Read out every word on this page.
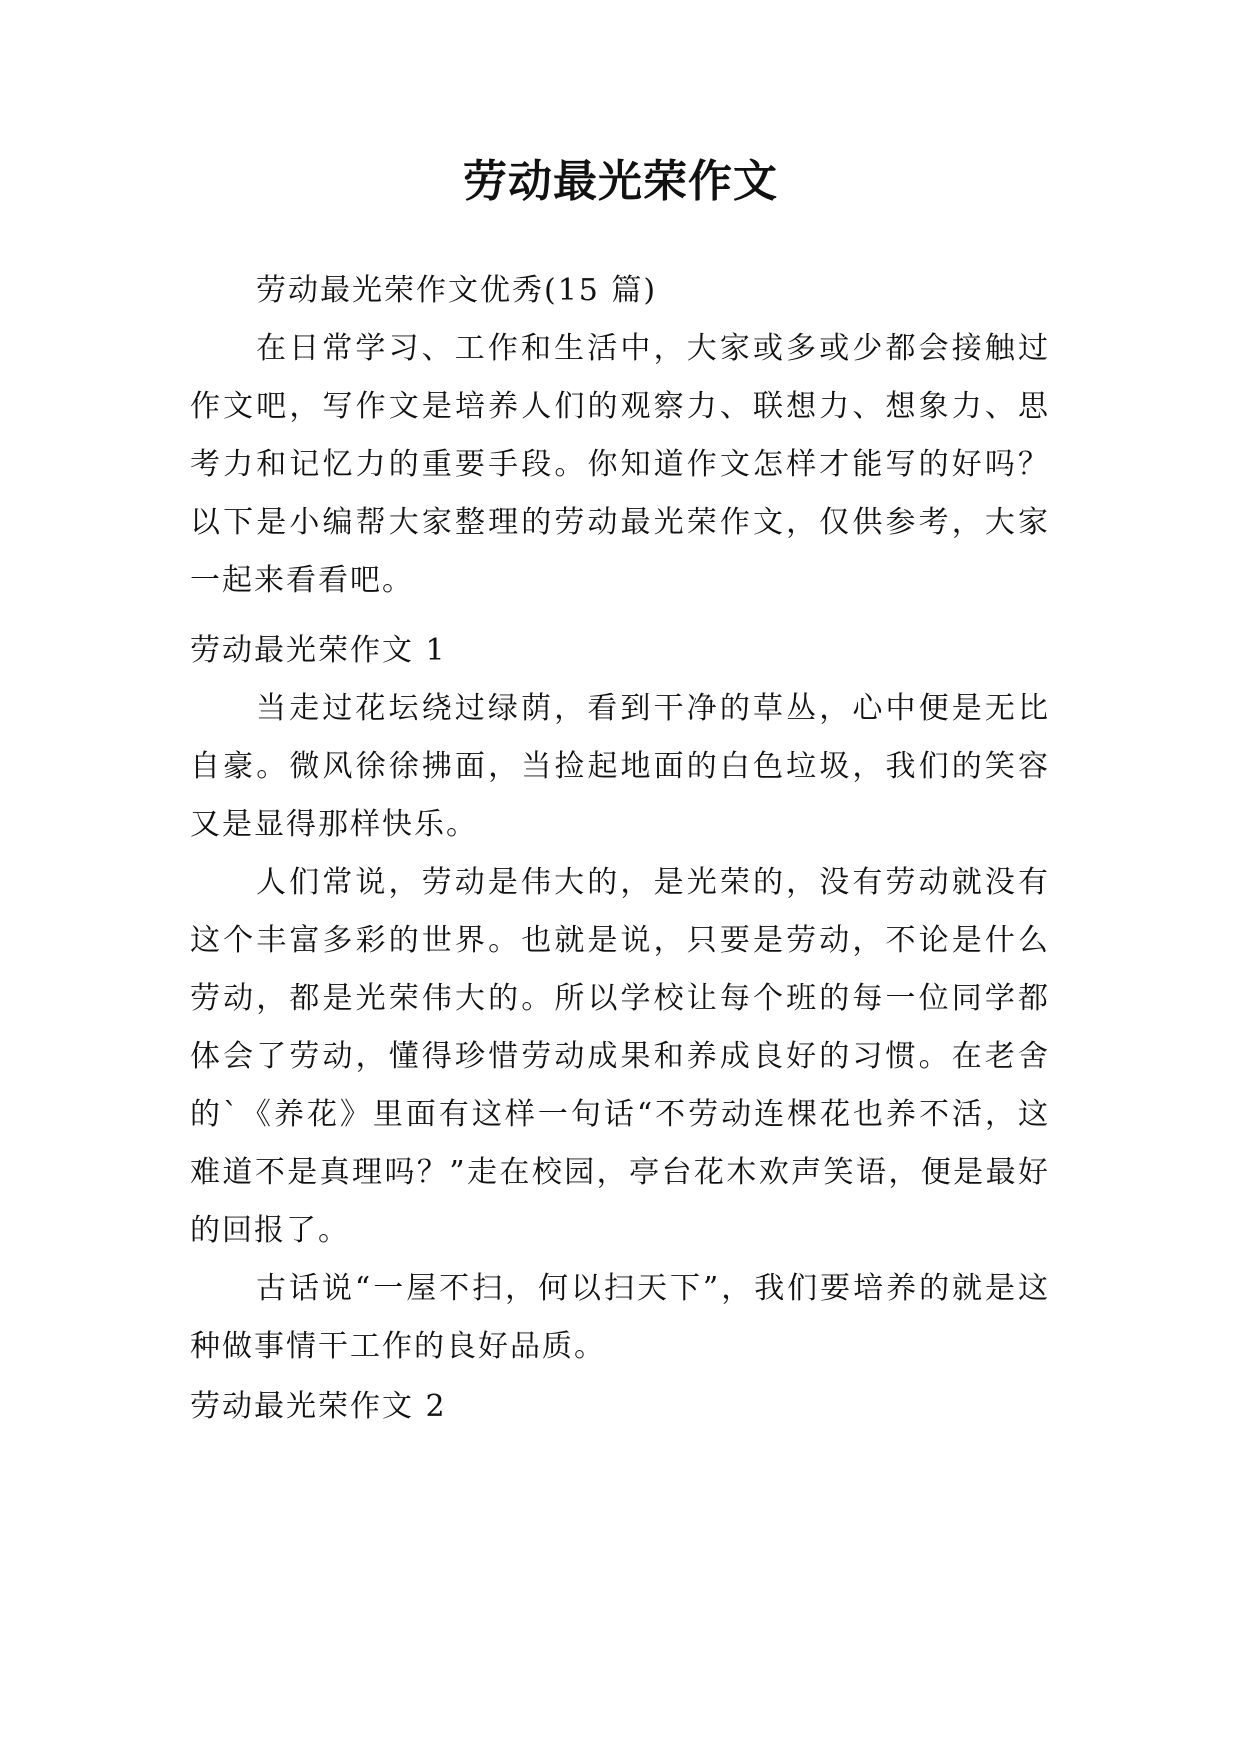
劳动最光荣作文

劳动最光荣作文优秀(15 篇)

在日常学习、工作和生活中，大家或多或少都会接触过作文吧，写作文是培养人们的观察力、联想力、想象力、思考力和记忆力的重要手段。你知道作文怎样才能写的好吗？以下是小编帮大家整理的劳动最光荣作文，仅供参考，大家一起来看看吧。

劳动最光荣作文 1

当走过花坛绕过绿荫，看到干净的草丛，心中便是无比自豪。微风徐徐拂面，当捡起地面的白色垃圾，我们的笑容又是显得那样快乐。

人们常说，劳动是伟大的，是光荣的，没有劳动就没有这个丰富多彩的世界。也就是说，只要是劳动，不论是什么劳动，都是光荣伟大的。所以学校让每个班的每一位同学都体会了劳动，懂得珍惜劳动成果和养成良好的习惯。在老舍的`《养花》里面有这样一句话“不劳动连棵花也养不活，这难道不是真理吗？”走在校园，亭台花木欢声笑语，便是最好的回报了。

古话说“一屋不扫，何以扫天下”，我们要培养的就是这种做事情干工作的良好品质。

劳动最光荣作文 2
